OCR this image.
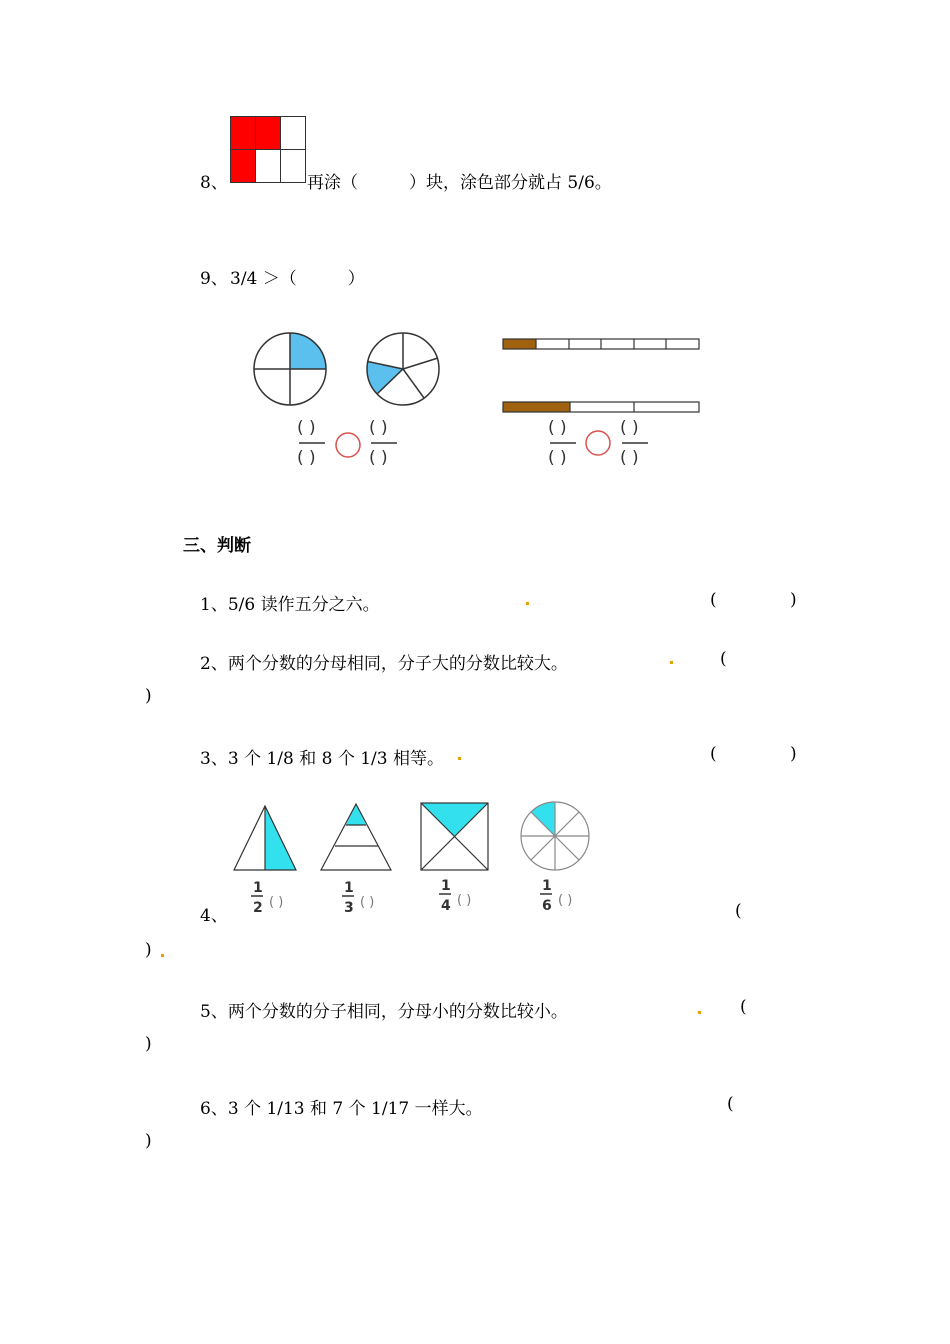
8、	再涂（　　　）块，涂色部分就占 5/6。
9、 3/4 ＞（　　　）
( )
( )
( )
( )
( )
( )
( )
( )
三、判断
1、5/6 读作五分之六。	(	)
2、两个分数的分母相同，分子大的分数比较大。	(
)
3、3 个 1/8 和 8 个 1/3 相等。	(	)
4、
1
2 ( )
1
3 ( )
1
4 ( )
1
6 ( )
(
)
5、两个分数的分子相同，分母小的分数比较小。	(
)
6、3 个 1/13 和 7 个 1/17 一样大。	(
)
